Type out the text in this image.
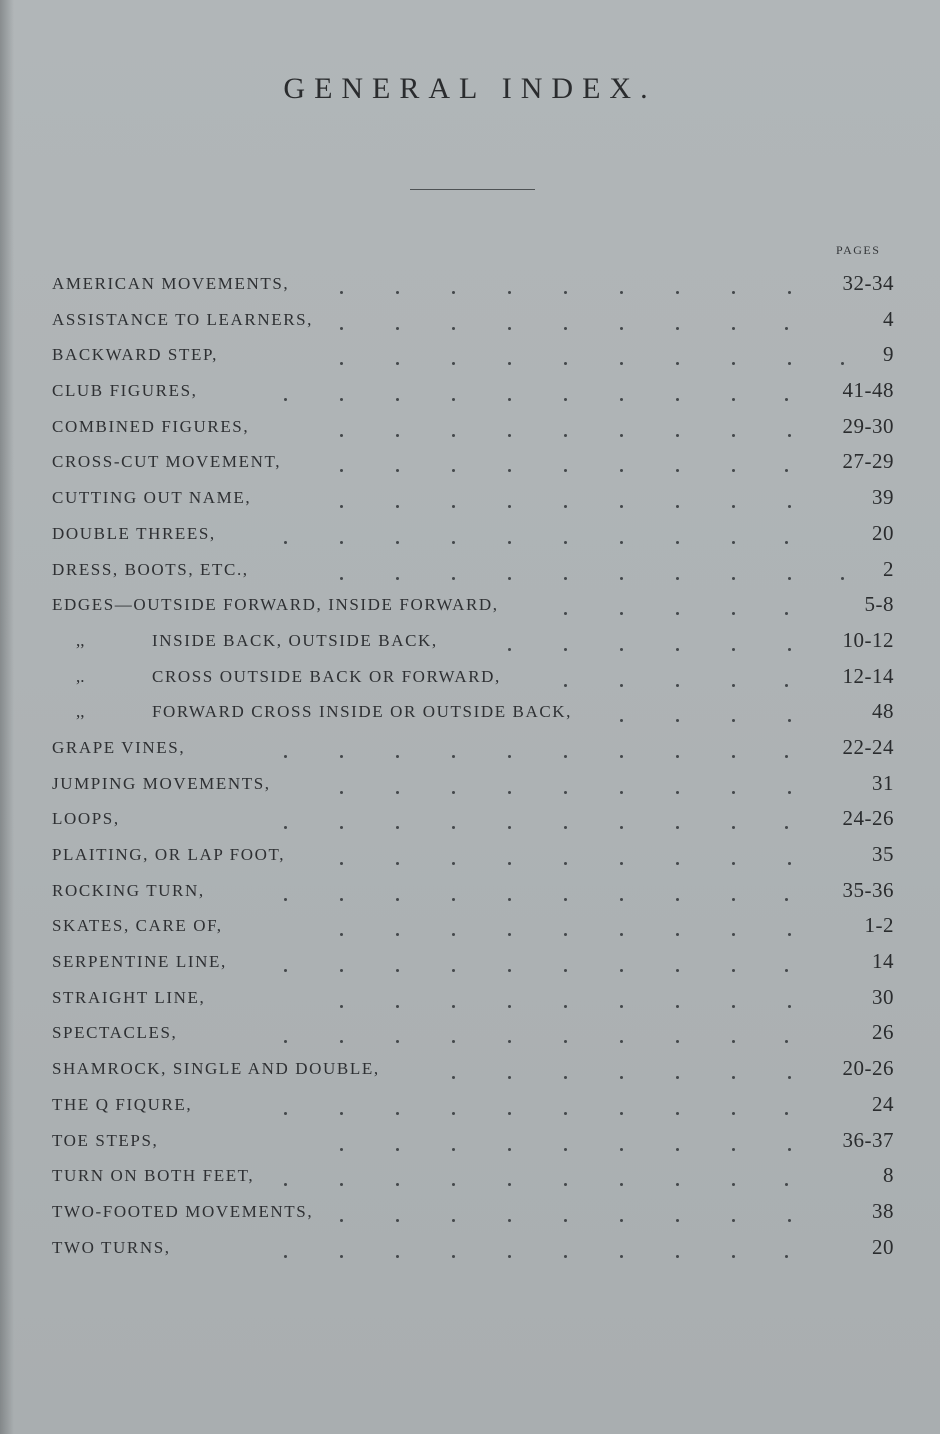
GENERAL INDEX.
PAGES
AMERICAN MOVEMENTS,	32-34
ASSISTANCE TO LEARNERS,	4
BACKWARD STEP,	9
CLUB FIGURES,	41-48
COMBINED FIGURES,	29-30
CROSS-CUT MOVEMENT,	27-29
CUTTING OUT NAME,	39
DOUBLE THREES,	20
DRESS, BOOTS, ETC.,	2
EDGES—OUTSIDE FORWARD, INSIDE FORWARD,	5-8
,,	INSIDE BACK, OUTSIDE BACK,	10-12
,.	CROSS OUTSIDE BACK OR FORWARD,	12-14
,,	FORWARD CROSS INSIDE OR OUTSIDE BACK,	48
GRAPE VINES,	22-24
JUMPING MOVEMENTS,	31
LOOPS,	24-26
PLAITING, OR LAP FOOT,	35
ROCKING TURN,	35-36
SKATES, CARE OF,	1-2
SERPENTINE LINE,	14
STRAIGHT LINE,	30
SPECTACLES,	26
SHAMROCK, SINGLE AND DOUBLE,	20-26
THE Q FIQURE,	24
TOE STEPS,	36-37
TURN ON BOTH FEET,	8
TWO-FOOTED MOVEMENTS,	38
TWO TURNS,	20
